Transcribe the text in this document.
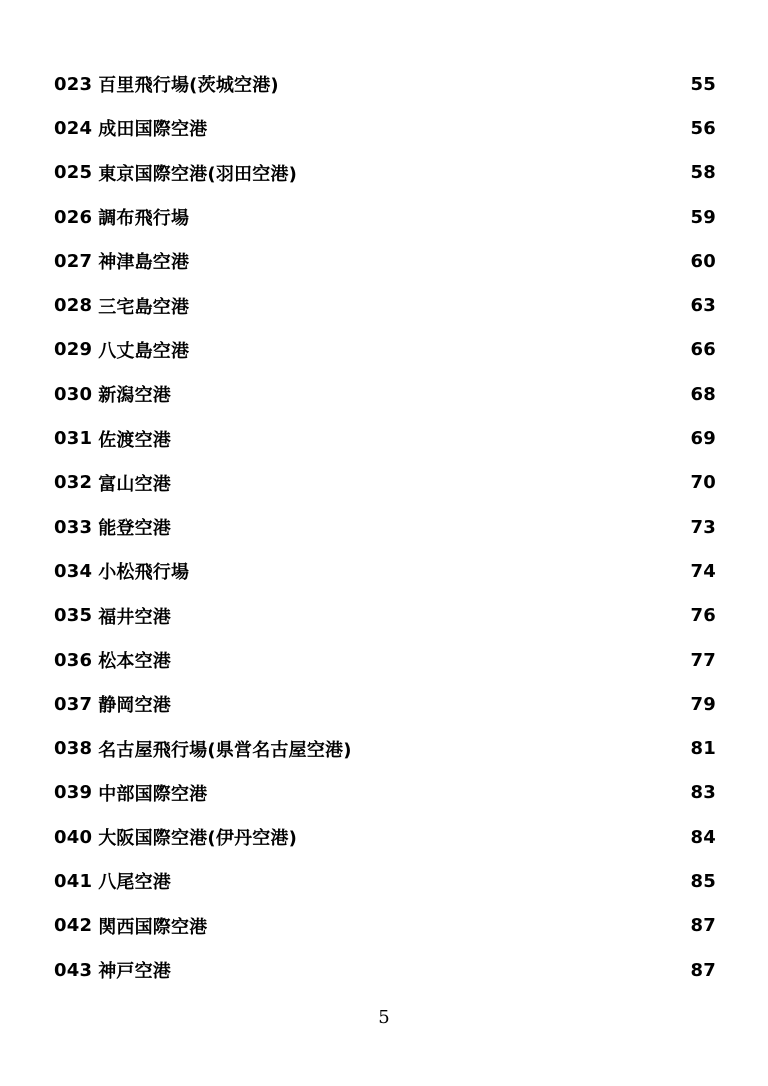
023 百里飛行場(茨城空港)	55
024 成田国際空港	56
025 東京国際空港(羽田空港)	58
026 調布飛行場	59
027 神津島空港	60
028 三宅島空港	63
029 八丈島空港	66
030 新潟空港	68
031 佐渡空港	69
032 富山空港	70
033 能登空港	73
034 小松飛行場	74
035 福井空港	76
036 松本空港	77
037 静岡空港	79
038 名古屋飛行場(県営名古屋空港)	81
039 中部国際空港	83
040 大阪国際空港(伊丹空港)	84
041 八尾空港	85
042 関西国際空港	87
043 神戸空港	87
5
